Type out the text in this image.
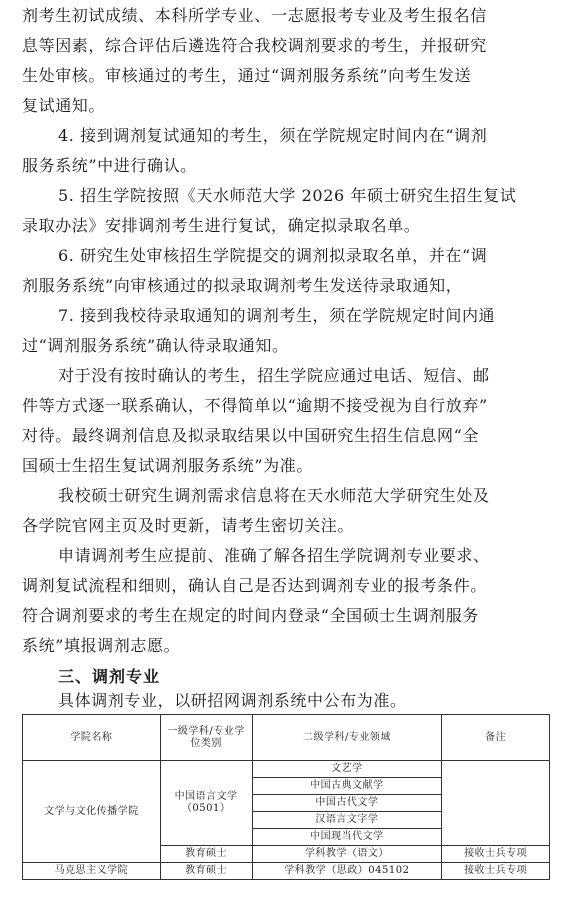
剂考生初试成绩、本科所学专业、一志愿报考专业及考生报名信
息等因素，综合评估后遴选符合我校调剂要求的考生，并报研究
生处审核。审核通过的考生，通过“调剂服务系统”向考生发送
复试通知。
4. 接到调剂复试通知的考生，须在学院规定时间内在“调剂
服务系统”中进行确认。
5. 招生学院按照《天水师范大学 2026 年硕士研究生招生复试
录取办法》安排调剂考生进行复试，确定拟录取名单。
6. 研究生处审核招生学院提交的调剂拟录取名单，并在“调
剂服务系统”向审核通过的拟录取调剂考生发送待录取通知，
7. 接到我校待录取通知的调剂考生，须在学院规定时间内通
过“调剂服务系统”确认待录取通知。
对于没有按时确认的考生，招生学院应通过电话、短信、邮
件等方式逐一联系确认，不得简单以“逾期不接受视为自行放弃”
对待。最终调剂信息及拟录取结果以中国研究生招生信息网“全
国硕士生招生复试调剂服务系统”为准。
我校硕士研究生调剂需求信息将在天水师范大学研究生处及
各学院官网主页及时更新，请考生密切关注。
申请调剂考生应提前、准确了解各招生学院调剂专业要求、
调剂复试流程和细则，确认自己是否达到调剂专业的报考条件。
符合调剂要求的考生在规定的时间内登录“全国硕士生调剂服务
系统”填报调剂志愿。
三、调剂专业
具体调剂专业，以研招网调剂系统中公布为准。
学院名称	一级学科/专业学位类别	二级学科/专业领域	备注
文学与文化传播学院	中国语言文学（0501）	文艺学	
		中国古典文献学	
		中国古代文学	
		汉语言文字学	
		中国现当代文学	
	教育硕士	学科教学（语文）	接收士兵专项
马克思主义学院	教育硕士	学科教学（思政）045102	接收士兵专项
